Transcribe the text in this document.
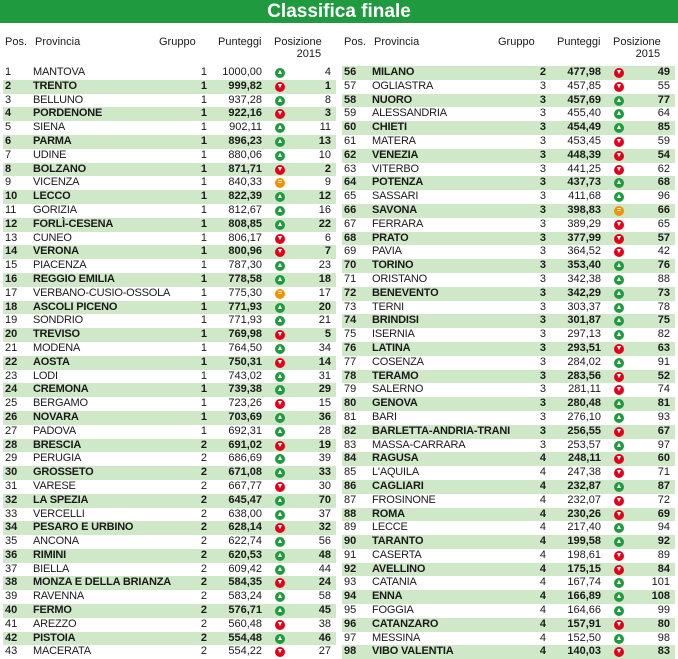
Classifica finale
Pos. Provincia	Gruppo Punteggi Posizione
2015
1 MANTOVA	1	1000,00 ▲	4
2 TRENTO	1	999,82 ▼	1
3 BELLUNO	1	937,28 ▲	8
4 PORDENONE	1	922,16 ▼	3
5 SIENA	1	902,11 ▲	11
6 PARMA	1	896,23 ▲	13
7 UDINE	1	880,06 ▲	10
8 BOLZANO	1	871,71 ▼	2
9 VICENZA	1	840,33	=	9
10 LECCO	1	822,39 ▲	12
11 GORIZIA	1	812,67 ▲	16
12 FORLÌ-CESENA	1	808,85 ▲	22
13 CUNEO	1	806,17 ▼	6
14 VERONA	1	800,96 ▼	7
15 PIACENZA	1	787,30 ▲	23
16 REGGIO EMILIA	1	778,58 ▲	18
17 VERBANO-CUSIO-OSSOLA	1	775,30	=	17
18 ASCOLI PICENO	1	771,93 ▲	20
19 SONDRIO	1	771,93 ▲	21
20 TREVISO	1	769,98 ▼	5
21 MODENA	1	764,50 ▲	34
22 AOSTA	1	750,31 ▼	14
23 LODI	1	743,02 ▲	31
24 CREMONA	1	739,38 ▲	29
25 BERGAMO	1	723,26 ▼	15
26 NOVARA	1	703,69 ▲	36
27 PADOVA	1	692,31 ▲	28
28 BRESCIA	2	691,02 ▼	19
29 PERUGIA	2	686,69 ▲	39
30 GROSSETO	2	671,08 ▲	33
31 VARESE	2	667,77 ▼	30
32 LA SPEZIA	2	645,47 ▲	70
33 VERCELLI	2	638,00 ▲	37
34 PESARO E URBINO	2	628,14 ▼	32
35 ANCONA	2	622,74 ▲	56
36 RIMINI	2	620,53 ▲	48
37 BIELLA	2	609,42 ▲	44
38 MONZA E DELLA BRIANZA	2	584,35 ▼	24
39 RAVENNA	2	583,24 ▲	58
40 FERMO	2	576,71 ▲	45
41 AREZZO	2	560,48 ▼	38
42 PISTOIA	2	554,48 ▲	46
43 MACERATA	2	554,22 ▼	27
Pos. Provincia	Gruppo Punteggi Posizione
2015
56 MILANO	2	477,98 ▼	49
57 OGLIASTRA	3	457,85 ▼	55
58 NUORO	3	457,69 ▲	77
59 ALESSANDRIA	3	455,40 ▲	64
60 CHIETI	3	454,49 ▲	85
61 MATERA	3	453,45 ▼	59
62 VENEZIA	3	448,39 ▼	54
63 VITERBO	3	441,25 ▼	62
64 POTENZA	3	437,73 ▲	68
65 SASSARI	3	411,68 ▲	96
66 SAVONA	3	398,83	=	66
67 FERRARA	3	389,29 ▼	65
68 PRATO	3	377,99 ▼	57
69 PAVIA	3	364,52 ▼	42
70 TORINO	3	353,40 ▲	76
71 ORISTANO	3	342,38 ▲	88
72 BENEVENTO	3	342,29 ▲	73
73 TERNI	3	303,37 ▲	78
74 BRINDISI	3	301,87 ▲	75
75 ISERNIA	3	297,13 ▲	82
76 LATINA	3	293,51 ▼	63
77 COSENZA	3	284,02 ▲	91
78 TERAMO	3	283,56 ▼	52
79 SALERNO	3	281,11 ▼	74
80 GENOVA	3	280,48 ▲	81
81 BARI	3	276,10 ▲	93
82 BARLETTA-ANDRIA-TRANI	3	256,55 ▼	67
83 MASSA-CARRARA	3	253,57 ▲	97
84 RAGUSA	4	248,11 ▼	60
85 L'AQUILA	4	247,38 ▼	71
86 CAGLIARI	4	232,87 ▲	87
87 FROSINONE	4	232,07 ▼	72
88 ROMA	4	230,26 ▼	69
89 LECCE	4	217,40 ▲	94
90 TARANTO	4	199,58 ▲	92
91 CASERTA	4	198,61 ▼	89
92 AVELLINO	4	175,15 ▼	84
93 CATANIA	4	167,74 ▲	101
94 ENNA	4	166,89 ▲	108
95 FOGGIA	4	164,66 ▲	99
96 CATANZARO	4	157,91 ▼	80
97 MESSINA	4	152,50 ▲	98
98 VIBO VALENTIA	4	140,03 ▼	83
